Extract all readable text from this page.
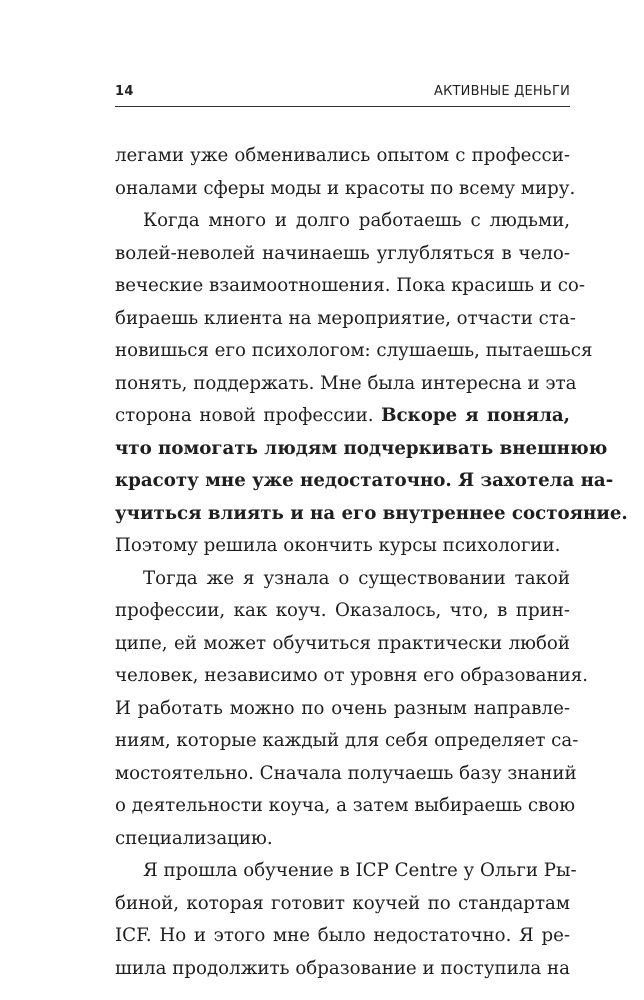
14	АКТИВНЫЕ ДЕНЬГИ
легами уже обменивались опытом с професси-
оналами сферы моды и красоты по всему миру.
Когда много и долго работаешь с людьми,
волей-неволей начинаешь углубляться в чело-
веческие взаимоотношения. Пока красишь и со-
бираешь клиента на мероприятие, отчасти ста-
новишься его психологом: слушаешь, пытаешься
понять, поддержать. Мне была интересна и эта
сторона новой профессии. Вскоре я поняла,
что помогать людям подчеркивать внешнюю
красоту мне уже недостаточно. Я захотела на-
учиться влиять и на его внутреннее состояние.
Поэтому решила окончить курсы психологии.
Тогда же я узнала о существовании такой
профессии, как коуч. Оказалось, что, в прин-
ципе, ей может обучиться практически любой
человек, независимо от уровня его образования.
И работать можно по очень разным направле-
ниям, которые каждый для себя определяет са-
мостоятельно. Сначала получаешь базу знаний
о деятельности коуча, а затем выбираешь свою
специализацию.
Я прошла обучение в ICP Centre у Ольги Ры-
биной, которая готовит коучей по стандартам
ICF. Но и этого мне было недостаточно. Я ре-
шила продолжить образование и поступила на
